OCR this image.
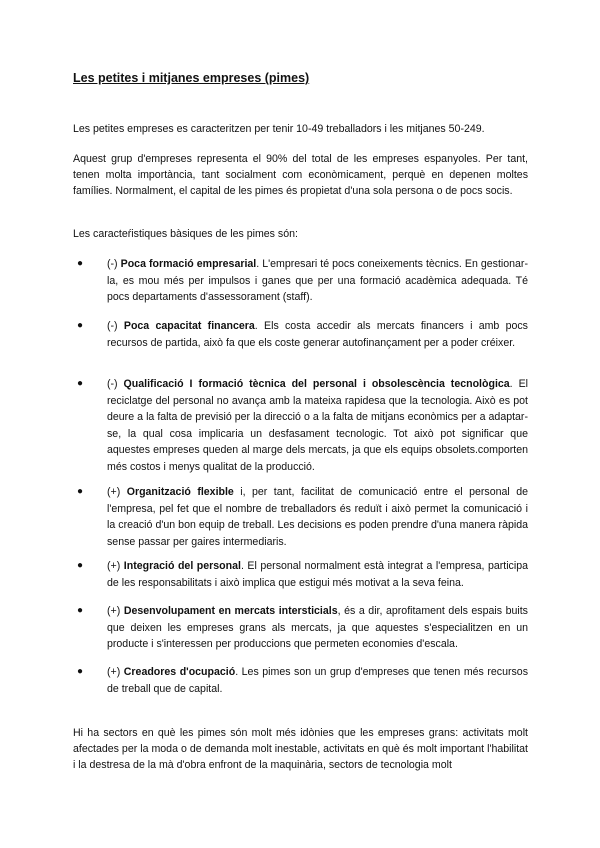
Les petites i mitjanes empreses (pimes)

Les petites empreses es caracteritzen per tenir 10-49 treballadors i les mitjanes 50-249.

Aquest grup d'empreses representa el 90% del total de les empreses espanyoles. Per tant, tenen molta importància, tant socialment com econòmicament, perquè en depenen moltes famílies. Normalment, el capital de les pimes és propietat d'una sola persona o de pocs socis.

Les caracteŕistiques bàsiques de les pimes són:

●	(-) Poca formació empresarial. L'empresari té pocs coneixements tècnics. En gestionar-la, es mou més per impulsos i ganes que per una formació acadèmica adequada. Té pocs departaments d'assessorament (staff).
●	(-) Poca capacitat financera. Els costa accedir als mercats financers i amb pocs recursos de partida, això fa que els coste generar autofinançament per a poder créixer.
●	(-) Qualificació I formació tècnica del personal i obsolescència tecnològica. El reciclatge del personal no avança amb la mateixa rapidesa que la tecnologia. Això es pot deure a la falta de previsió per la direcció o a la falta de mitjans econòmics per a adaptar-se, la qual cosa implicaria un desfasament tecnologic. Tot això pot significar que aquestes empreses queden al marge dels mercats, ja que els equips obsolets.comporten més costos i menys qualitat de la producció.
●	(+) Organització flexible i, per tant, facilitat de comunicació entre el personal de l'empresa, pel fet que el nombre de treballadors és reduït i això permet la comunicació i la creació d'un bon equip de treball. Les decisions es poden prendre d'una manera ràpida sense passar per gaires intermediaris.
●	(+) Integració del personal. El personal normalment està integrat a l'empresa, participa de les responsabilitats i això implica que estigui més motivat a la seva feina.
●	(+) Desenvolupament en mercats intersticials, és a dir, aprofitament dels espais buits que deixen les empreses grans als mercats, ja que aquestes s'especialitzen en un producte i s'interessen per produccions que permeten economies d'escala.
●	(+) Creadores d'ocupació. Les pimes son un grup d'empreses que tenen més recursos de treball que de capital.

Hi ha sectors en què les pimes són molt més idònies que les empreses grans: activitats molt afectades per la moda o de demanda molt inestable, activitats en què és molt important l'habilitat i la destresa de la mà d'obra enfront de la maquinària, sectors de tecnologia molt
